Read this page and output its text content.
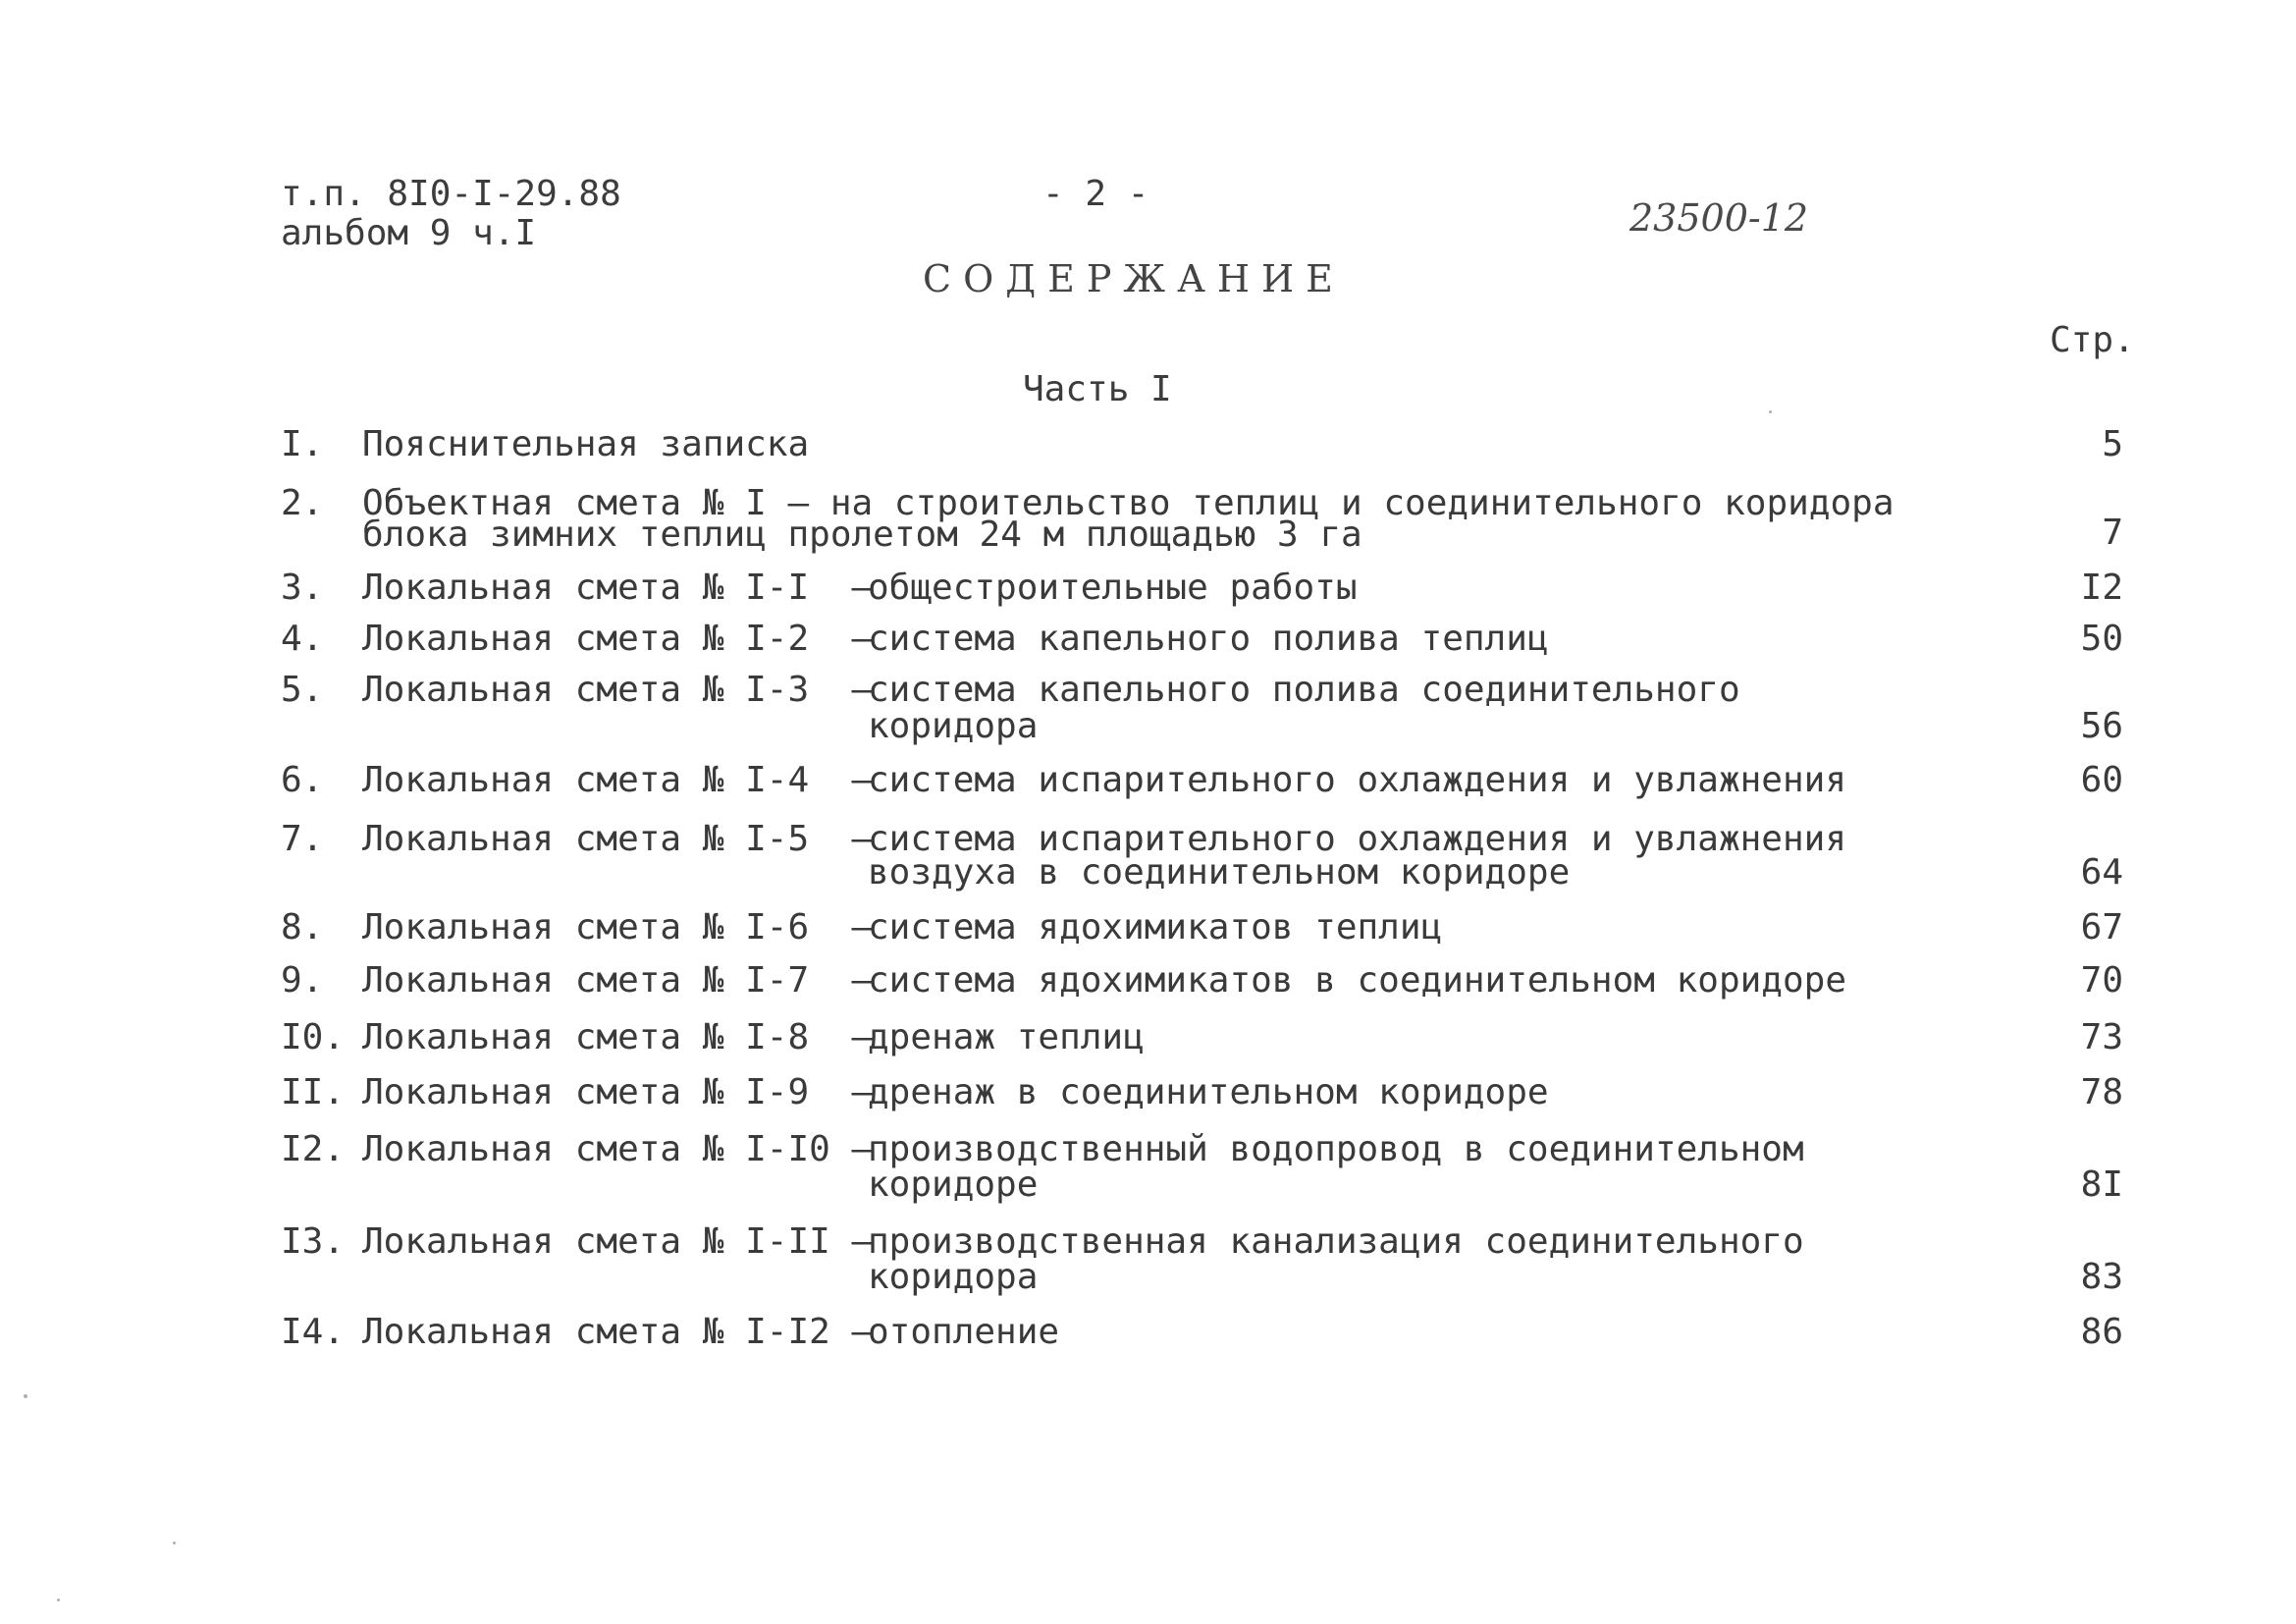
т.п. 8I0-I-29.88
альбом 9 ч.I
- 2 -
23500-12
СОДЕРЖАНИЕ
Стр.
Часть I
I. Пояснительная записка	5
2. Объектная смета № I – на строительство теплиц и соединительного коридора
блока зимних теплиц пролетом 24 м площадью 3 га	7
3. Локальная смета № I-I  –
общестроительные работы	I2
4. Локальная смета № I-2  –
система капельного полива теплиц	50
5. Локальная смета № I-3  –
система капельного полива соединительного
коридора	56
6. Локальная смета № I-4  –
система испарительного охлаждения и увлажнения	60
7. Локальная смета № I-5  –
система испарительного охлаждения и увлажнения
воздуха в соединительном коридоре	64
8. Локальная смета № I-6  –
система ядохимикатов теплиц	67
9. Локальная смета № I-7  –
система ядохимикатов в соединительном коридоре	70
I0. Локальная смета № I-8  –
дренаж теплиц	73
II. Локальная смета № I-9  –
дренаж в соединительном коридоре	78
I2. Локальная смета № I-I0 –
производственный водопровод в соединительном
коридоре	8I
I3. Локальная смета № I-II –
производственная канализация соединительного
коридора	83
I4. Локальная смета № I-I2 –
отопление	86
